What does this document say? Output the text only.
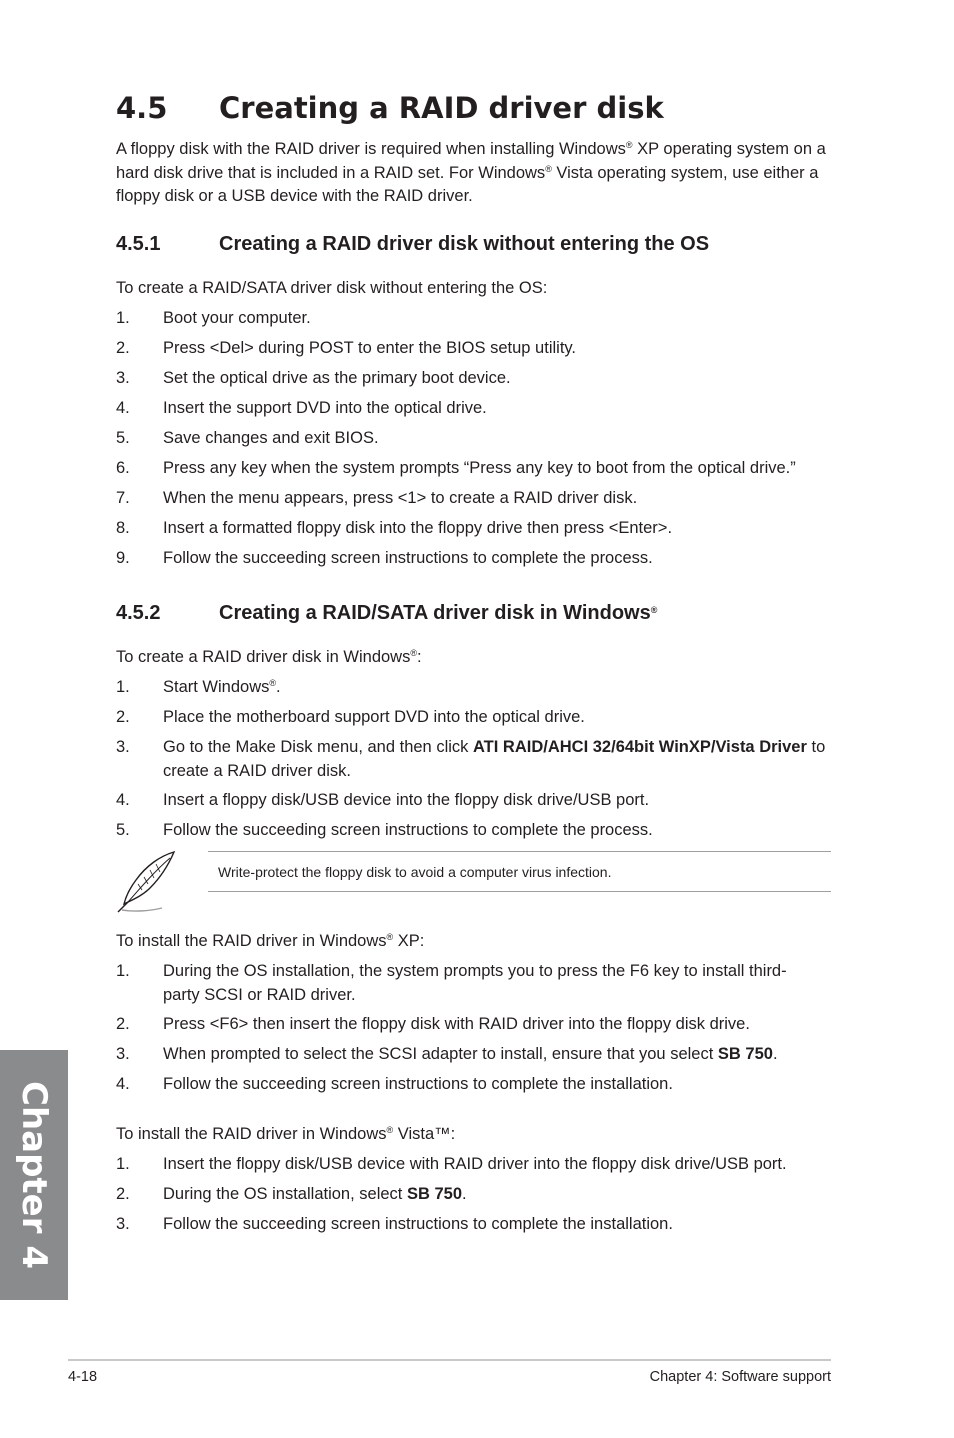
4.5 Creating a RAID driver disk

A floppy disk with the RAID driver is required when installing Windows® XP operating system on a hard disk drive that is included in a RAID set. For Windows® Vista operating system, use either a floppy disk or a USB device with the RAID driver.

4.5.1	Creating a RAID driver disk without entering the OS

To create a RAID/SATA driver disk without entering the OS:

1. Boot your computer.
2. Press <Del> during POST to enter the BIOS setup utility.
3. Set the optical drive as the primary boot device.
4. Insert the support DVD into the optical drive.
5. Save changes and exit BIOS.
6. Press any key when the system prompts “Press any key to boot from the optical drive.”
7. When the menu appears, press <1> to create a RAID driver disk.
8. Insert a formatted floppy disk into the floppy drive then press <Enter>.
9. Follow the succeeding screen instructions to complete the process.
4.5.2	Creating a RAID/SATA driver disk in Windows®

To create a RAID driver disk in Windows®:

1. Start Windows®.
2. Place the motherboard support DVD into the optical drive.
3. Go to the Make Disk menu, and then click ATI RAID/AHCI 32/64bit WinXP/Vista Driver to create a RAID driver disk.
4. Insert a floppy disk/USB device into the floppy disk drive/USB port.
5. Follow the succeeding screen instructions to complete the process.
Write-protect the floppy disk to avoid a computer virus infection.

To install the RAID driver in Windows® XP:

1. During the OS installation, the system prompts you to press the F6 key to install third-party SCSI or RAID driver.
2. Press <F6> then insert the floppy disk with RAID driver into the floppy disk drive.
3. When prompted to select the SCSI adapter to install, ensure that you select SB 750.
4. Follow the succeeding screen instructions to complete the installation.

To install the RAID driver in Windows® Vista™:

1. Insert the floppy disk/USB device with RAID driver into the floppy disk drive/USB port.
2. During the OS installation, select SB 750.
3. Follow the succeeding screen instructions to complete the installation.
Chapter 4
4-18	Chapter 4: Software support
